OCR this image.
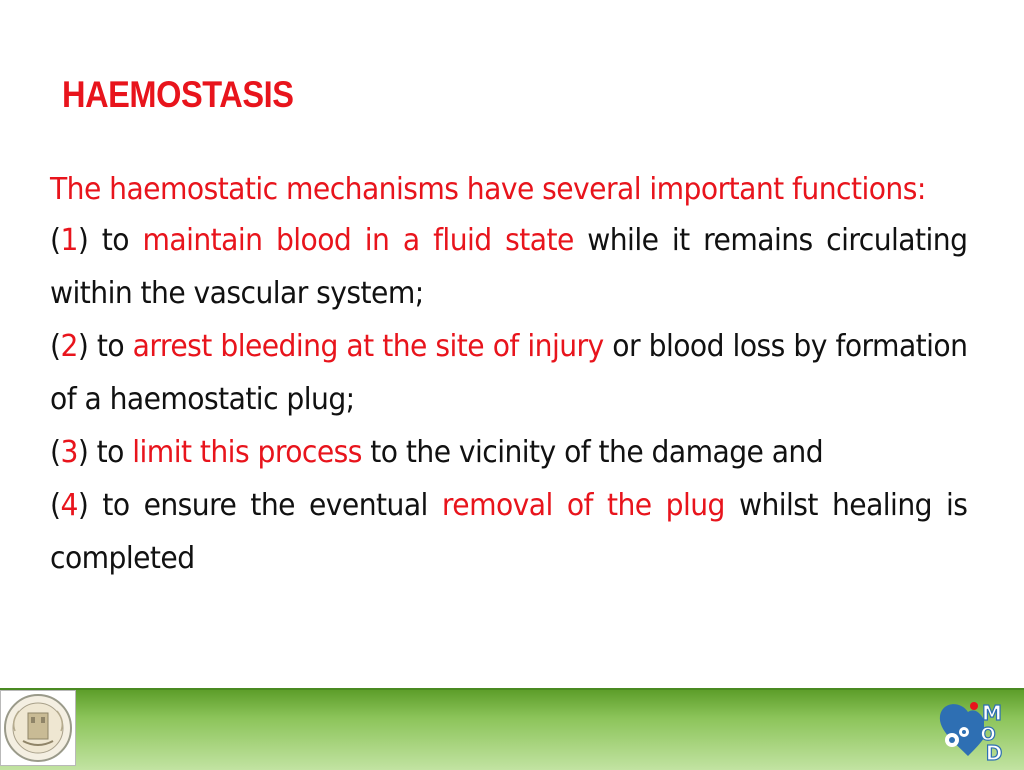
HAEMOSTASIS

The haemostatic mechanisms have several important functions:

(1) to maintain blood in a fluid state while it remains circulating within the vascular system;

(2) to arrest bleeding at the site of injury or blood loss by formation of a haemostatic plug;

(3) to limit this process to the vicinity of the damage and

(4) to ensure the eventual removal of the plug whilst healing is completed

M
O
D
